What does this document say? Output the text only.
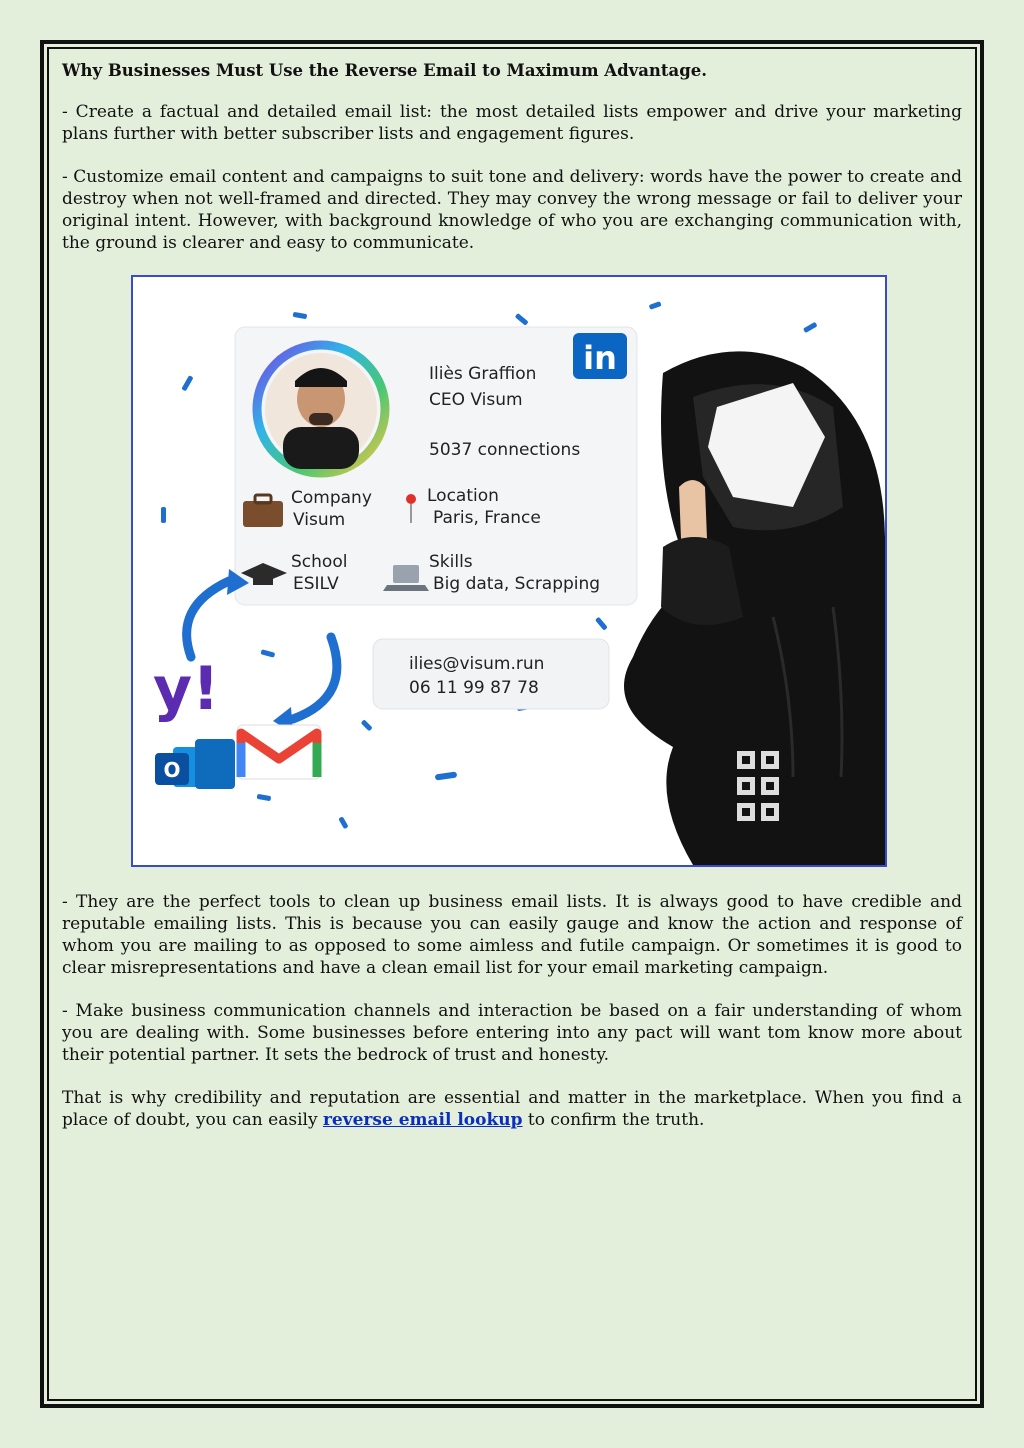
Why Businesses Must Use the Reverse Email to Maximum Advantage.

- Create a factual and detailed email list: the most detailed lists empower and drive your marketing plans further with better subscriber lists and engagement figures.

- Customize email content and campaigns to suit tone and delivery: words have the power to create and destroy when not well-framed and directed. They may convey the wrong message or fail to deliver your original intent. However, with background knowledge of who you are exchanging communication with, the ground is clearer and easy to communicate.

in
Iliès Graffion
CEO Visum
5037 connections
Company
Visum
Location
Paris, France
School
ESILV
Skills
Big data, Scrapping
ilies@visum.run
06 11 99 87 78
y!
O

- They are the perfect tools to clean up business email lists. It is always good to have credible and reputable emailing lists. This is because you can easily gauge and know the action and response of whom you are mailing to as opposed to some aimless and futile campaign. Or sometimes it is good to clear misrepresentations and have a clean email list for your email marketing campaign.

- Make business communication channels and interaction be based on a fair understanding of whom you are dealing with. Some businesses before entering into any pact will want tom know more about their potential partner. It sets the bedrock of trust and honesty.

That is why credibility and reputation are essential and matter in the marketplace. When you find a place of doubt, you can easily reverse email lookup to confirm the truth.
